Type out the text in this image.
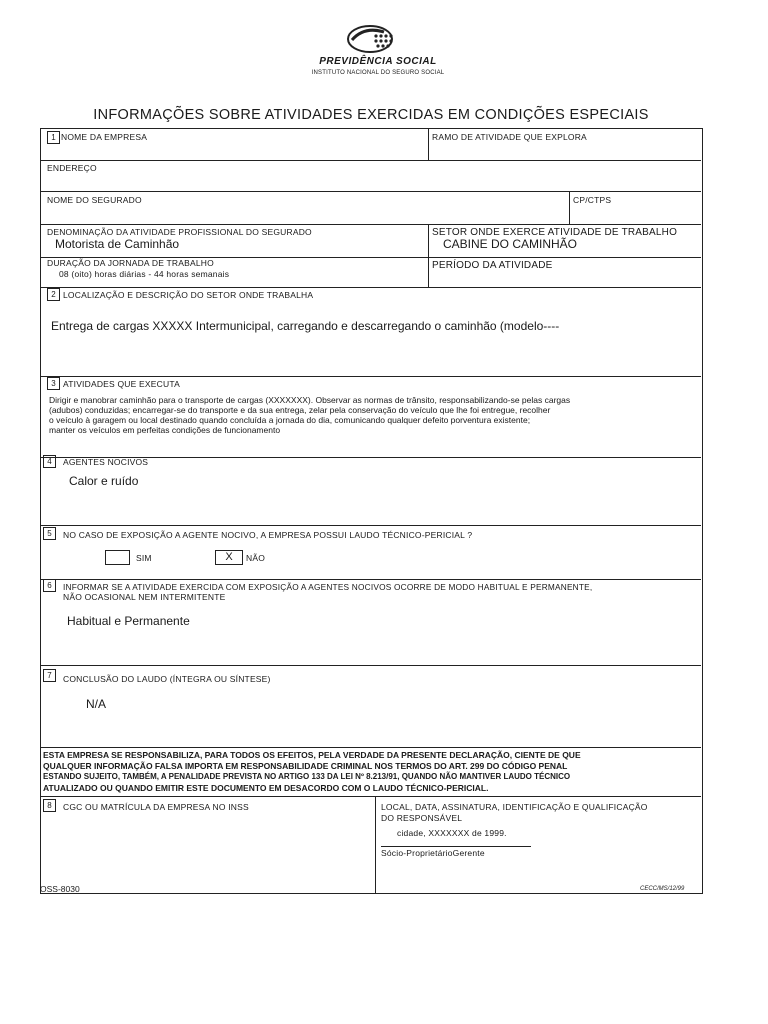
PREVIDÊNCIA SOCIAL
INSTITUTO NACIONAL DO SEGURO SOCIAL
INFORMAÇÕES SOBRE ATIVIDADES EXERCIDAS EM CONDIÇÕES ESPECIAIS
1 NOME DA EMPRESA	RAMO DE ATIVIDADE QUE EXPLORA
ENDEREÇO
NOME DO SEGURADO	CP/CTPS
DENOMINAÇÃO DA ATIVIDADE PROFISSIONAL DO SEGURADO
Motorista de Caminhão
SETOR ONDE EXERCE ATIVIDADE DE TRABALHO
CABINE DO CAMINHÃO
DURAÇÃO DA JORNADA DE TRABALHO
08 (oito) horas diárias - 44 horas semanais
PERÍODO DA ATIVIDADE
2 LOCALIZAÇÃO E DESCRIÇÃO DO SETOR ONDE TRABALHA
Entrega de cargas XXXXX Intermunicipal, carregando e descarregando o caminhão (modelo----
3 ATIVIDADES QUE EXECUTA
Dirigir e manobrar caminhão para o transporte de cargas (XXXXXXX). Observar as normas de trânsito, responsabilizando-se pelas cargas
(adubos) conduzidas; encarregar-se do transporte e da sua entrega, zelar pela conservação do veículo que lhe foi entregue, recolher
o veículo à garagem ou local destinado quando concluída a jornada do dia, comunicando qualquer defeito porventura existente;
manter os veículos em perfeitas condições de funcionamento
4	AGENTES NOCIVOS
Calor e ruído
5	NO CASO DE EXPOSIÇÃO A AGENTE NOCIVO, A EMPRESA POSSUI LAUDO TÉCNICO-PERICIAL ?
SIM	X	NÃO
6	INFORMAR SE A ATIVIDADE EXERCIDA COM EXPOSIÇÃO A AGENTES NOCIVOS OCORRE DE MODO HABITUAL E PERMANENTE,
NÃO OCASIONAL NEM INTERMITENTE
Habitual e Permanente
7	CONCLUSÃO DO LAUDO (ÍNTEGRA OU SÍNTESE)
N/A
ESTA EMPRESA SE RESPONSABILIZA, PARA TODOS OS EFEITOS, PELA VERDADE DA PRESENTE DECLARAÇÃO, CIENTE DE QUE
QUALQUER INFORMAÇÃO FALSA IMPORTA EM RESPONSABILIDADE CRIMINAL NOS TERMOS DO ART. 299 DO CÓDIGO PENAL
ESTANDO SUJEITO, TAMBÉM, A PENALIDADE PREVISTA NO ARTIGO 133 DA LEI Nº 8.213/91, QUANDO NÃO MANTIVER LAUDO TÉCNICO
ATUALIZADO OU QUANDO EMITIR ESTE DOCUMENTO EM DESACORDO COM O LAUDO TÉCNICO-PERICIAL.
8	CGC OU MATRÍCULA DA EMPRESA NO INSS	LOCAL, DATA, ASSINATURA, IDENTIFICAÇÃO E QUALIFICAÇÃO
DO RESPONSÁVEL
cidade, XXXXXXX de 1999.
Sócio-ProprietárioGerente
OSS-8030	CECC/MS/12/99
